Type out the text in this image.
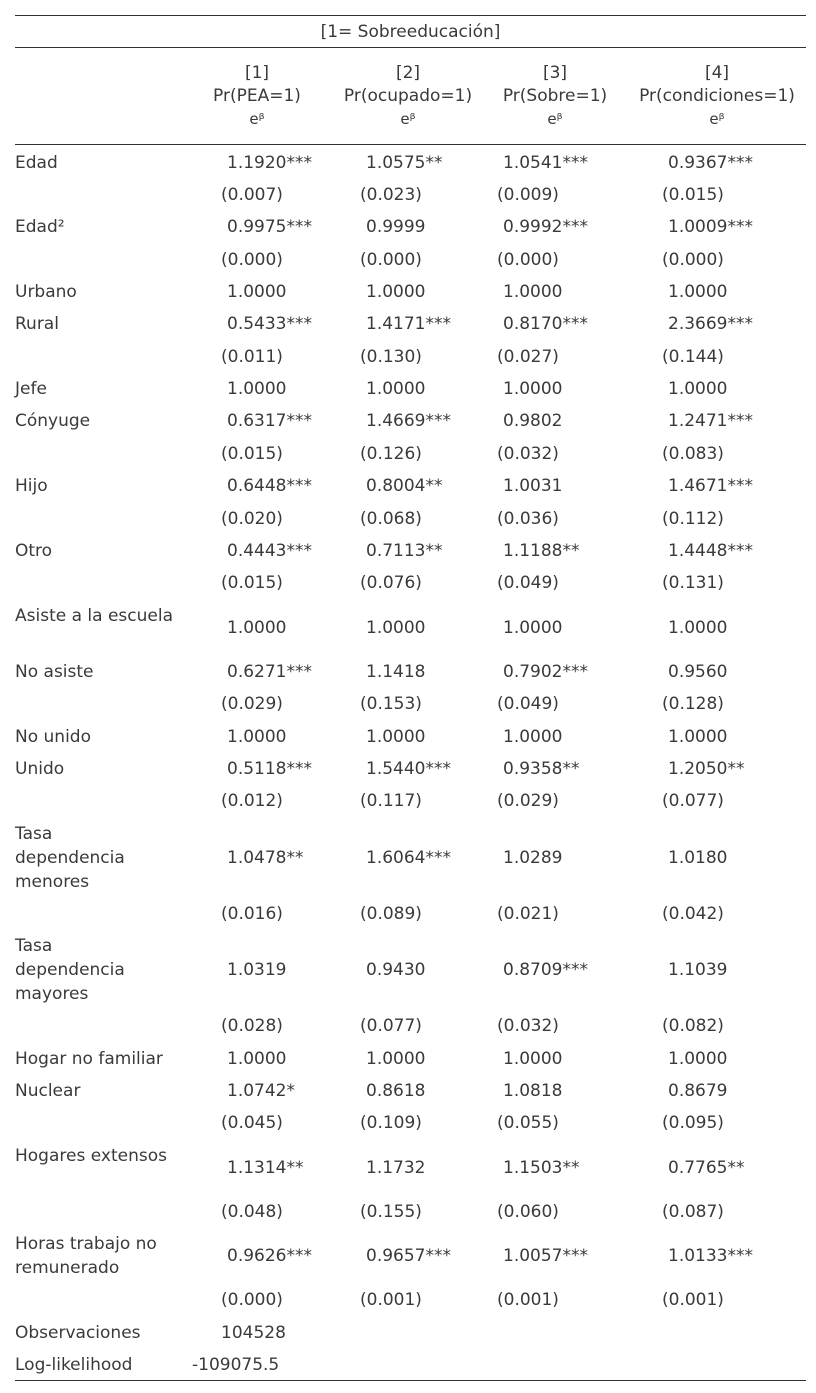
[1= Sobreeducación]
[1]
Pr(PEA=1)
eᵝ
[2]
Pr(ocupado=1)
eᵝ
[3]
Pr(Sobre=1)
eᵝ
[4]
Pr(condiciones=1)
eᵝ
Edad	1.1920***	1.0575**	1.0541***	0.9367***
(0.007)	(0.023)	(0.009)	(0.015)
Edad²	0.9975***	0.9999	0.9992***	1.0009***
(0.000)	(0.000)	(0.000)	(0.000)
Urbano	1.0000	1.0000	1.0000	1.0000
Rural	0.5433***	1.4171***	0.8170***	2.3669***
(0.011)	(0.130)	(0.027)	(0.144)
Jefe	1.0000	1.0000	1.0000	1.0000
Cónyuge	0.6317***	1.4669***	0.9802	1.2471***
(0.015)	(0.126)	(0.032)	(0.083)
Hijo	0.6448***	0.8004**	1.0031	1.4671***
(0.020)	(0.068)	(0.036)	(0.112)
Otro	0.4443***	0.7113**	1.1188**	1.4448***
(0.015)	(0.076)	(0.049)	(0.131)
Asiste a la escuela
1.0000	1.0000	1.0000	1.0000
No asiste	0.6271***	1.1418	0.7902***	0.9560
(0.029)	(0.153)	(0.049)	(0.128)
No unido	1.0000	1.0000	1.0000	1.0000
Unido	0.5118***	1.5440***	0.9358**	1.2050**
(0.012)	(0.117)	(0.029)	(0.077)
Tasa dependencia menores
1.0478**	1.6064***	1.0289	1.0180
(0.016)	(0.089)	(0.021)	(0.042)
Tasa dependencia mayores
1.0319	0.9430	0.8709***	1.1039
(0.028)	(0.077)	(0.032)	(0.082)
Hogar no familiar	1.0000	1.0000	1.0000	1.0000
Nuclear	1.0742*	0.8618	1.0818	0.8679
(0.045)	(0.109)	(0.055)	(0.095)
Hogares extensos
1.1314**	1.1732	1.1503**	0.7765**
(0.048)	(0.155)	(0.060)	(0.087)
Horas trabajo no remunerado
0.9626***	0.9657***	1.0057***	1.0133***
(0.000)	(0.001)	(0.001)	(0.001)
Observaciones	104528
Log-likelihood	-109075.5
